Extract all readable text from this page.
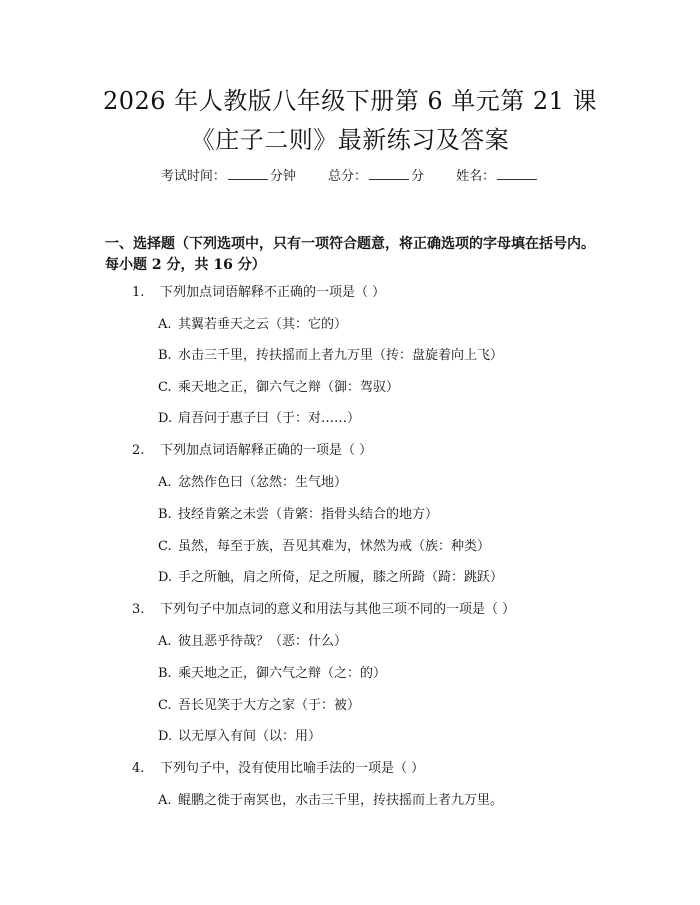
2026 年人教版八年级下册第 6 单元第 21 课
《庄子二则》最新练习及答案
考试时间：	分钟 总分：	分 姓名：
一、选择题（下列选项中，只有一项符合题意，将正确选项的字母填在括号内。
每小题 2 分，共 16 分）
1. 下列加点词语解释不正确的一项是（ ）
A. 其翼若垂天之云（其：它的）
B. 水击三千里，抟扶摇而上者九万里（抟：盘旋着向上飞）
C. 乘天地之正，御六气之辩（御：驾驭）
D. 肩吾问于惠子曰（于：对……）
2. 下列加点词语解释正确的一项是（ ）
A. 忿然作色曰（忿然：生气地）
B. 技经肯綮之未尝（肯綮：指骨头结合的地方）
C. 虽然，每至于族，吾见其难为，怵然为戒（族：种类）
D. 手之所触，肩之所倚，足之所履，膝之所踦（踦：跳跃）
3. 下列句子中加点词的意义和用法与其他三项不同的一项是（ ）
A. 彼且恶乎待哉？（恶：什么）
B. 乘天地之正，御六气之辩（之：的）
C. 吾长见笑于大方之家（于：被）
D. 以无厚入有间（以：用）
4. 下列句子中，没有使用比喻手法的一项是（ ）
A. 鲲鹏之徙于南冥也，水击三千里，抟扶摇而上者九万里。
